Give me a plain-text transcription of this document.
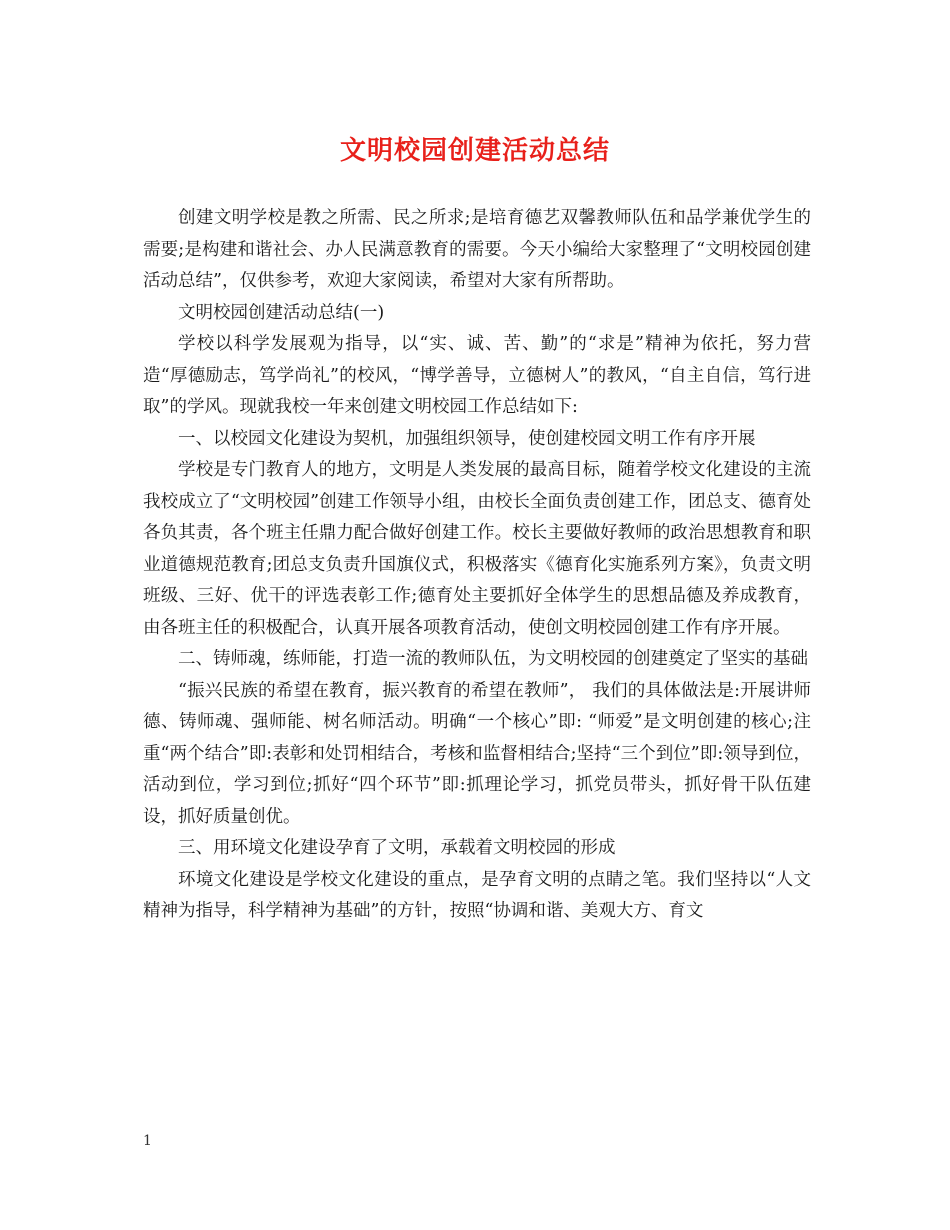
文明校园创建活动总结

创建文明学校是教之所需、民之所求;是培育德艺双馨教师队伍和品学兼优学生的需要;是构建和谐社会、办人民满意教育的需要。今天小编给大家整理了“文明校园创建活动总结”，仅供参考，欢迎大家阅读，希望对大家有所帮助。

文明校园创建活动总结(一)

学校以科学发展观为指导，以“实、诚、苦、勤”的“求是”精神为依托，努力营造“厚德励志，笃学尚礼”的校风，“博学善导，立德树人”的教风，“自主自信，笃行进取”的学风。现就我校一年来创建文明校园工作总结如下:

一、以校园文化建设为契机，加强组织领导，使创建校园文明工作有序开展

学校是专门教育人的地方，文明是人类发展的最高目标，随着学校文化建设的主流我校成立了“文明校园”创建工作领导小组，由校长全面负责创建工作，团总支、德育处各负其责，各个班主任鼎力配合做好创建工作。校长主要做好教师的政治思想教育和职业道德规范教育;团总支负责升国旗仪式，积极落实《德育化实施系列方案》，负责文明班级、三好、优干的评选表彰工作;德育处主要抓好全体学生的思想品德及养成教育，由各班主任的积极配合，认真开展各项教育活动，使创文明校园创建工作有序开展。

二、铸师魂，练师能，打造一流的教师队伍，为文明校园的创建奠定了坚实的基础

“振兴民族的希望在教育，振兴教育的希望在教师”， 我们的具体做法是:开展讲师德、铸师魂、强师能、树名师活动。明确“一个核心”即: “师爱”是文明创建的核心;注重“两个结合”即:表彰和处罚相结合，考核和监督相结合;坚持“三个到位”即:领导到位，活动到位，学习到位;抓好“四个环节”即:抓理论学习，抓党员带头，抓好骨干队伍建设，抓好质量创优。

三、用环境文化建设孕育了文明，承载着文明校园的形成

环境文化建设是学校文化建设的重点，是孕育文明的点睛之笔。我们坚持以“人文精神为指导，科学精神为基础”的方针，按照“协调和谐、美观大方、育文

1
